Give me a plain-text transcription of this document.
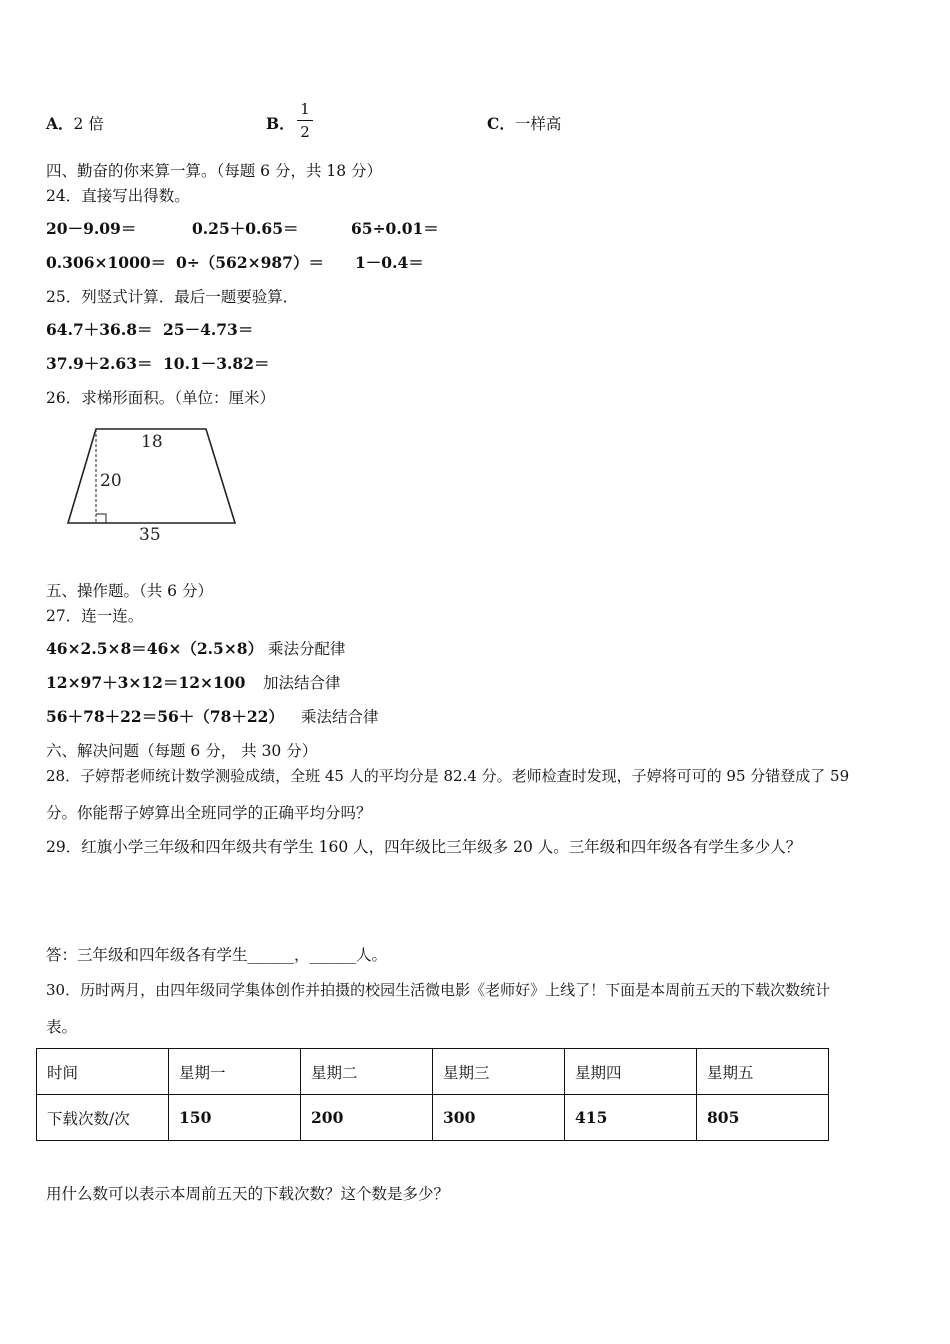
A．2 倍	B．
1
2	C．一样高
四、勤奋的你来算一算。（每题 6 分，共 18 分）
24．直接写出得数。
20－9.09＝	0.25＋0.65＝	65÷0.01＝
0.306×1000＝ 0÷（562×987）＝ 1－0.4＝
25．列竖式计算．最后一题要验算．
64.7＋36.8＝ 25－4.73＝
37.9＋2.63＝ 10.1－3.82＝
26．求梯形面积。（单位：厘米）
18
20
35
五、操作题。（共 6 分）
27．连一连。
46×2.5×8＝46×（2.5×8） 乘法分配律
12×97＋3×12＝12×100 加法结合律
56＋78＋22＝56＋（78＋22） 乘法结合律
六、解决问题（每题 6 分， 共 30 分）
28．子婷帮老师统计数学测验成绩，全班 45 人的平均分是 82.4 分。老师检查时发现，子婷将可可的 95 分错登成了 59
分。你能帮子婷算出全班同学的正确平均分吗？
29．红旗小学三年级和四年级共有学生 160 人，四年级比三年级多 20 人。三年级和四年级各有学生多少人？
答：三年级和四年级各有学生______，______人。
30．历时两月，由四年级同学集体创作并拍摄的校园生活微电影《老师好》上线了！下面是本周前五天的下载次数统计
表。
时间	星期一	星期二	星期三	星期四	星期五
下载次数/次	150	200	300	415	805
用什么数可以表示本周前五天的下载次数？这个数是多少？
